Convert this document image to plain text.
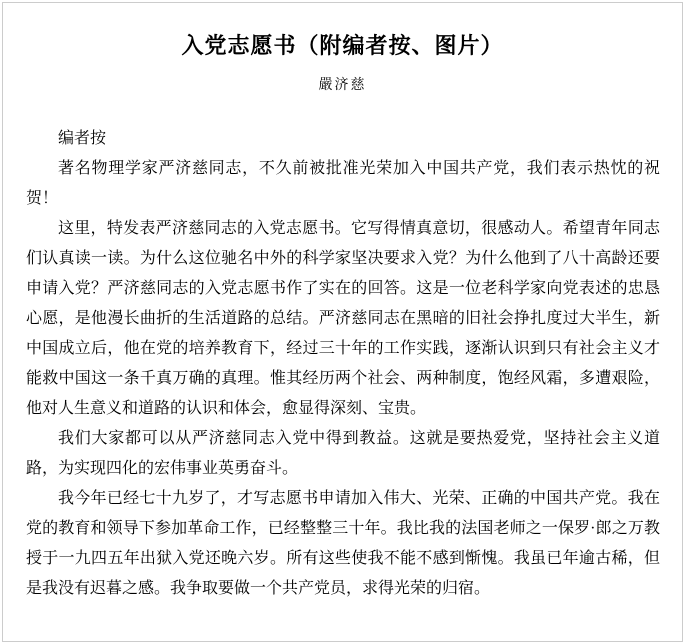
入党志愿书（附编者按、图片）
嚴济慈

编者按

著名物理学家严济慈同志，不久前被批准光荣加入中国共产党，我们表示热忱的祝贺！

这里，特发表严济慈同志的入党志愿书。它写得情真意切，很感动人。希望青年同志们认真读一读。为什么这位驰名中外的科学家坚决要求入党？为什么他到了八十高龄还要申请入党？严济慈同志的入党志愿书作了实在的回答。这是一位老科学家向党表述的忠恳心愿，是他漫长曲折的生活道路的总结。严济慈同志在黑暗的旧社会挣扎度过大半生，新中国成立后，他在党的培养教育下，经过三十年的工作实践，逐渐认识到只有社会主义才能救中国这一条千真万确的真理。惟其经历两个社会、两种制度，饱经风霜，多遭艰险，他对人生意义和道路的认识和体会，愈显得深刻、宝贵。

我们大家都可以从严济慈同志入党中得到教益。这就是要热爱党，坚持社会主义道路，为实现四化的宏伟事业英勇奋斗。

我今年已经七十九岁了，才写志愿书申请加入伟大、光荣、正确的中国共产党。我在党的教育和领导下参加革命工作，已经整整三十年。我比我的法国老师之一保罗·郎之万教授于一九四五年出狱入党还晚六岁。所有这些使我不能不感到惭愧。我虽已年逾古稀，但是我没有迟暮之感。我争取要做一个共产党员，求得光荣的归宿。
